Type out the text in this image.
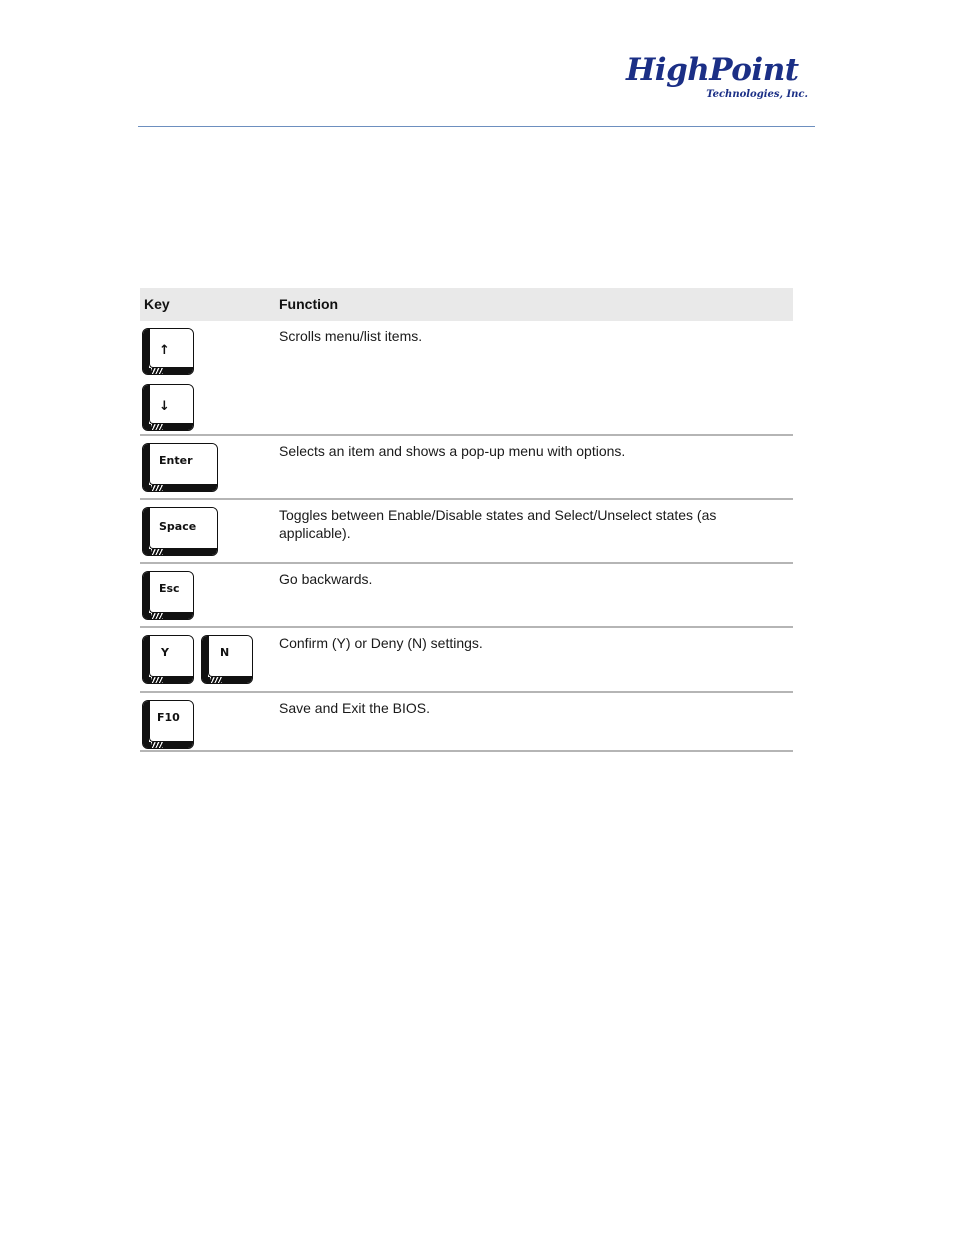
HighPoint
Technologies, Inc.
Key	Function
↑
↓
Scrolls menu/list items.
Enter
Selects an item and shows a pop-up menu with options.
Space
Toggles between Enable/Disable states and Select/Unselect states (as applicable).
Esc
Go backwards.
Y	N
Confirm (Y) or Deny (N) settings.
F10
Save and Exit the BIOS.
